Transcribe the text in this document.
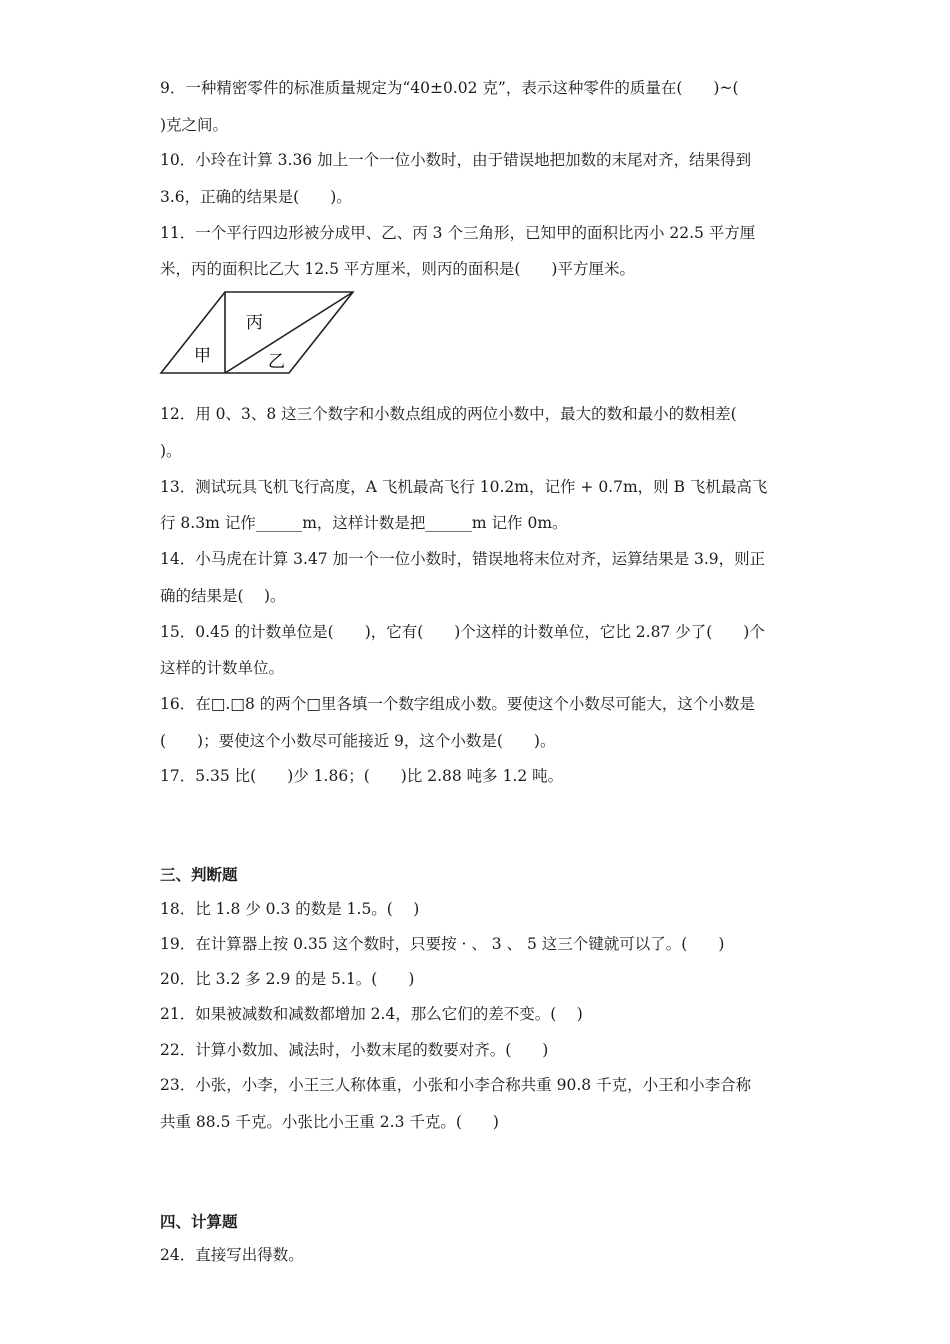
9．一种精密零件的标准质量规定为“40±0.02 克”，表示这种零件的质量在(　　)~(
)克之间。
10．小玲在计算 3.36 加上一个一位小数时，由于错误地把加数的末尾对齐，结果得到
3.6，正确的结果是(　　)。
11．一个平行四边形被分成甲、乙、丙 3 个三角形，已知甲的面积比丙小 22.5 平方厘
米，丙的面积比乙大 12.5 平方厘米，则丙的面积是(　　)平方厘米。
丙
甲	乙
12．用 0、3、8 这三个数字和小数点组成的两位小数中，最大的数和最小的数相差(
)。
13．测试玩具飞机飞行高度，A 飞机最高飞行 10.2m，记作 + 0.7m，则 B 飞机最高飞
行 8.3m 记作______m，这样计数是把______m 记作 0m。
14．小马虎在计算 3.47 加一个一位小数时，错误地将末位对齐，运算结果是 3.9，则正
确的结果是(　 )。
15．0.45 的计数单位是(　　)，它有(　　)个这样的计数单位，它比 2.87 少了(　　)个
这样的计数单位。
16．在□.□8 的两个□里各填一个数字组成小数。要使这个小数尽可能大，这个小数是
(　　)；要使这个小数尽可能接近 9，这个小数是(　　)。
17．5.35 比(　　)少 1.86；(　　)比 2.88 吨多 1.2 吨。
三、判断题
18．比 1.8 少 0.3 的数是 1.5。(　 )
19．在计算器上按 0.35 这个数时，只要按 · 、 3 、 5 这三个键就可以了。(　　)
20．比 3.2 多 2.9 的是 5.1。(　　)
21．如果被减数和减数都增加 2.4，那么它们的差不变。(　 )
22．计算小数加、减法时，小数末尾的数要对齐。(　　)
23．小张，小李，小王三人称体重，小张和小李合称共重 90.8 千克，小王和小李合称
共重 88.5 千克。小张比小王重 2.3 千克。(　　)
四、计算题
24．直接写出得数。
